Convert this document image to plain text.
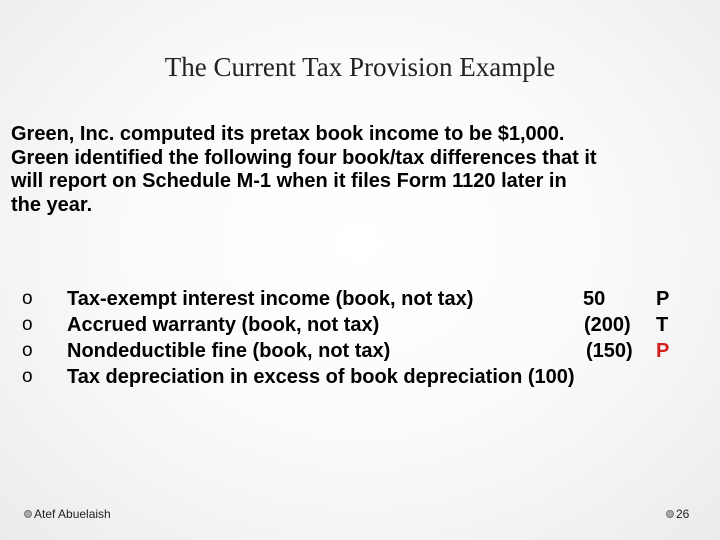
The Current Tax Provision Example
Green, Inc. computed its pretax book income to be $1,000.
Green identified the following four book/tax differences that it
will report on Schedule M-1 when it files Form 1120 later in
the year.
o Tax-exempt interest income (book, not tax)	50	P
o Accrued warranty (book, not tax)	(200) T
o Nondeductible fine (book, not tax)	(150) P
o Tax depreciation in excess of book depreciation (100)
Atef Abuelaish	26
